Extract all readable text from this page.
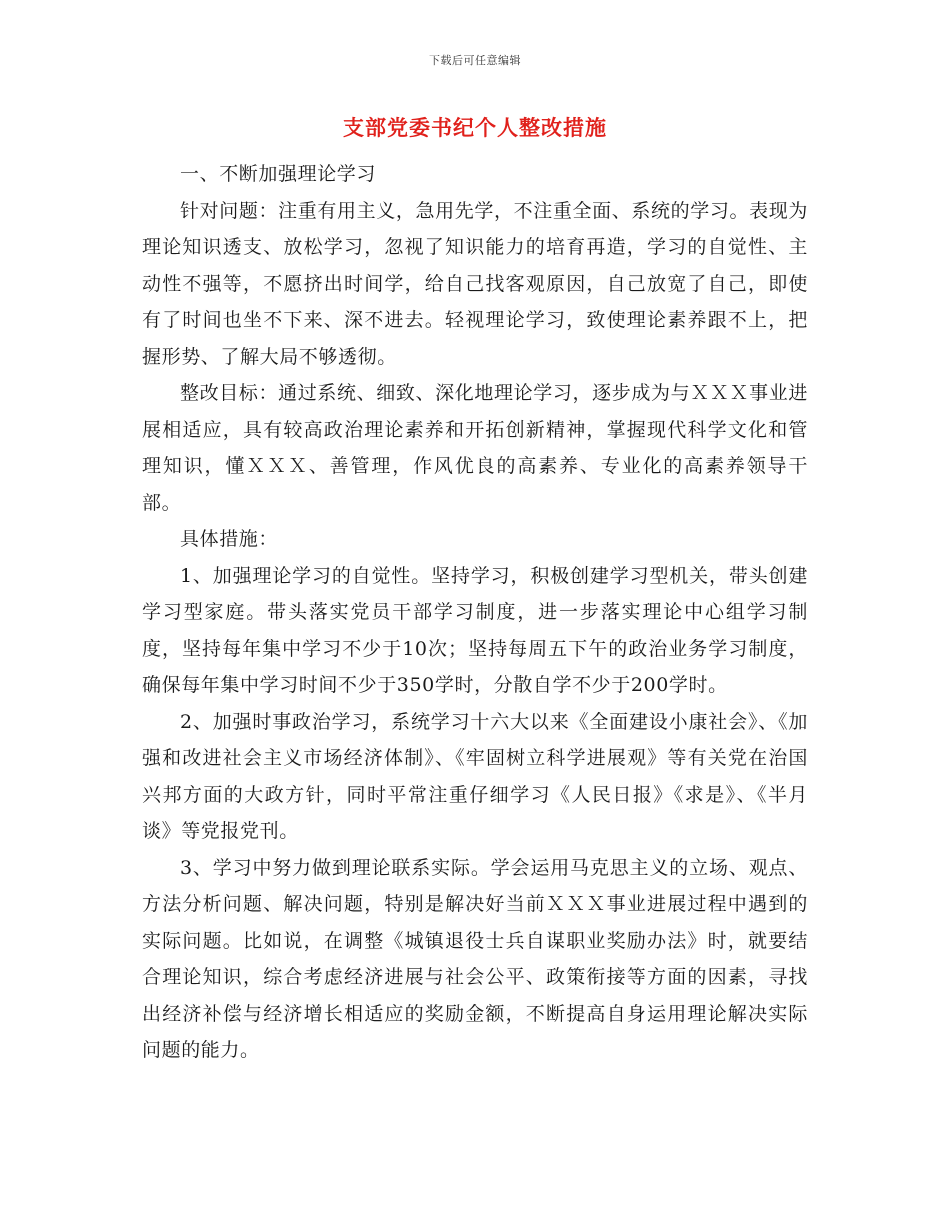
下载后可任意编辑
支部党委书纪个人整改措施

一、不断加强理论学习

针对问题：注重有用主义，急用先学，不注重全面、系统的学习。表现为理论知识透支、放松学习，忽视了知识能力的培育再造，学习的自觉性、主动性不强等，不愿挤出时间学，给自己找客观原因，自己放宽了自己，即使有了时间也坐不下来、深不进去。轻视理论学习，致使理论素养跟不上，把握形势、了解大局不够透彻。

整改目标：通过系统、细致、深化地理论学习，逐步成为与ＸＸＸ事业进展相适应，具有较高政治理论素养和开拓创新精神，掌握现代科学文化和管理知识，懂ＸＸＸ、善管理，作风优良的高素养、专业化的高素养领导干部。

具体措施：

1、加强理论学习的自觉性。坚持学习，积极创建学习型机关，带头创建学习型家庭。带头落实党员干部学习制度，进一步落实理论中心组学习制度，坚持每年集中学习不少于10次；坚持每周五下午的政治业务学习制度，确保每年集中学习时间不少于350学时，分散自学不少于200学时。

2、加强时事政治学习，系统学习十六大以来《全面建设小康社会》、《加强和改进社会主义市场经济体制》、《牢固树立科学进展观》等有关党在治国兴邦方面的大政方针，同时平常注重仔细学习《人民日报》《求是》、《半月谈》等党报党刊。

3、学习中努力做到理论联系实际。学会运用马克思主义的立场、观点、方法分析问题、解决问题，特别是解决好当前ＸＸＸ事业进展过程中遇到的实际问题。比如说，在调整《城镇退役士兵自谋职业奖励办法》时，就要结合理论知识，综合考虑经济进展与社会公平、政策衔接等方面的因素，寻找出经济补偿与经济增长相适应的奖励金额，不断提高自身运用理论解决实际问题的能力。
